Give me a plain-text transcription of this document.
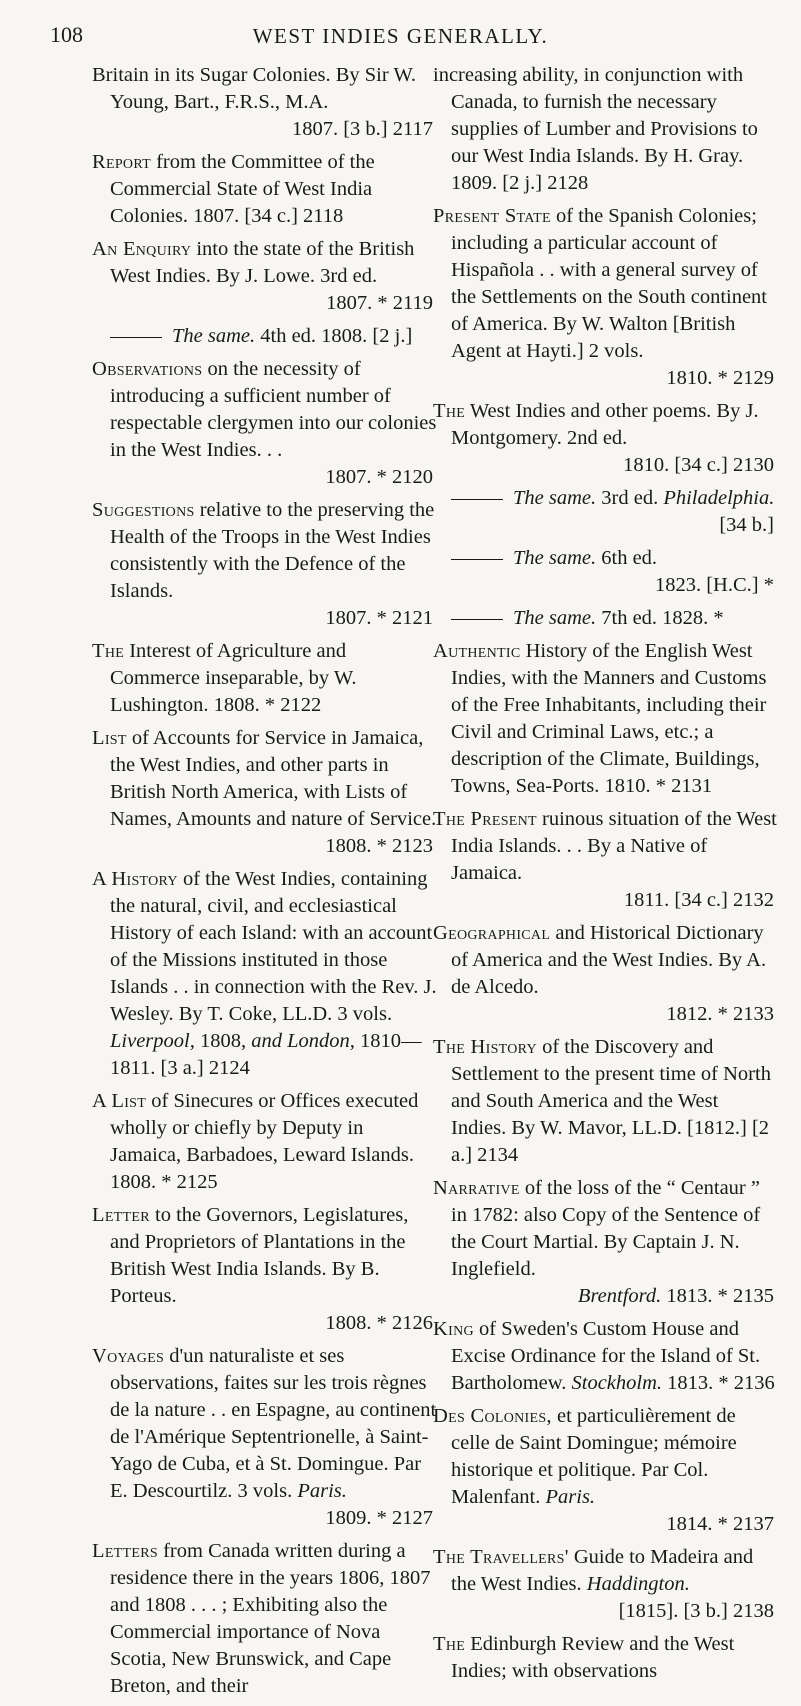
108	WEST INDIES GENERALLY.
Britain in its Sugar Colonies. By Sir W. Young, Bart., F.R.S., M.A.
1807. [3 b.] 2117
Report from the Committee of the Commercial State of West India Colonies. 1807. [34 c.] 2118
An Enquiry into the state of the British West Indies. By J. Lowe. 3rd ed.
1807. * 2119
The same. 4th ed. 1808. [2 j.]
Observations on the necessity of introducing a sufficient number of respectable clergymen into our colonies in the West Indies. . .
1807. * 2120
Suggestions relative to the preserving the Health of the Troops in the West Indies consistently with the Defence of the Islands.
1807. * 2121
The Interest of Agriculture and Commerce inseparable, by W. Lushington. 1808. * 2122
List of Accounts for Service in Jamaica, the West Indies, and other parts in British North America, with Lists of Names, Amounts and nature of Service.
1808. * 2123
A History of the West Indies, containing the natural, civil, and ecclesiastical History of each Island: with an account of the Missions instituted in those Islands . . in connection with the Rev. J. Wesley. By T. Coke, LL.D. 3 vols. Liverpool, 1808, and London, 1810—1811. [3 a.] 2124
A List of Sinecures or Offices executed wholly or chiefly by Deputy in Jamaica, Barbadoes, Leward Islands. 1808. * 2125
Letter to the Governors, Legislatures, and Proprietors of Plantations in the British West India Islands. By B. Porteus.
1808. * 2126
Voyages d'un naturaliste et ses observations, faites sur les trois règnes de la nature . . en Espagne, au continent de l'Amérique Septentrionelle, à Saint-Yago de Cuba, et à St. Domingue. Par E. Descourtilz. 3 vols. Paris.
1809. * 2127
Letters from Canada written during a residence there in the years 1806, 1807 and 1808 . . . ; Exhibiting also the Commercial importance of Nova Scotia, New Brunswick, and Cape Breton, and their
increasing ability, in conjunction with Canada, to furnish the necessary supplies of Lumber and Provisions to our West India Islands. By H. Gray. 1809. [2 j.] 2128
Present State of the Spanish Colonies; including a particular account of Hispañola . . with a general survey of the Settlements on the South continent of America. By W. Walton [British Agent at Hayti.] 2 vols.
1810. * 2129
The West Indies and other poems. By J. Montgomery. 2nd ed.
1810. [34 c.] 2130
The same. 3rd ed. Philadelphia.
[34 b.]
The same. 6th ed.
1823. [H.C.] *
The same. 7th ed. 1828. *
Authentic History of the English West Indies, with the Manners and Customs of the Free Inhabitants, including their Civil and Criminal Laws, etc.; a description of the Climate, Buildings, Towns, Sea-Ports. 1810. * 2131
The Present ruinous situation of the West India Islands. . . By a Native of Jamaica.
1811. [34 c.] 2132
Geographical and Historical Dictionary of America and the West Indies. By A. de Alcedo.
1812. * 2133
The History of the Discovery and Settlement to the present time of North and South America and the West Indies. By W. Mavor, LL.D. [1812.] [2 a.] 2134
Narrative of the loss of the “ Centaur ” in 1782: also Copy of the Sentence of the Court Martial. By Captain J. N. Inglefield.
Brentford. 1813. * 2135
King of Sweden's Custom House and Excise Ordinance for the Island of St. Bartholomew. Stockholm. 1813. * 2136
Des Colonies, et particulièrement de celle de Saint Domingue; mémoire historique et politique. Par Col. Malenfant. Paris.
1814. * 2137
The Travellers' Guide to Madeira and the West Indies. Haddington.
[1815]. [3 b.] 2138
The Edinburgh Review and the West Indies; with observations
